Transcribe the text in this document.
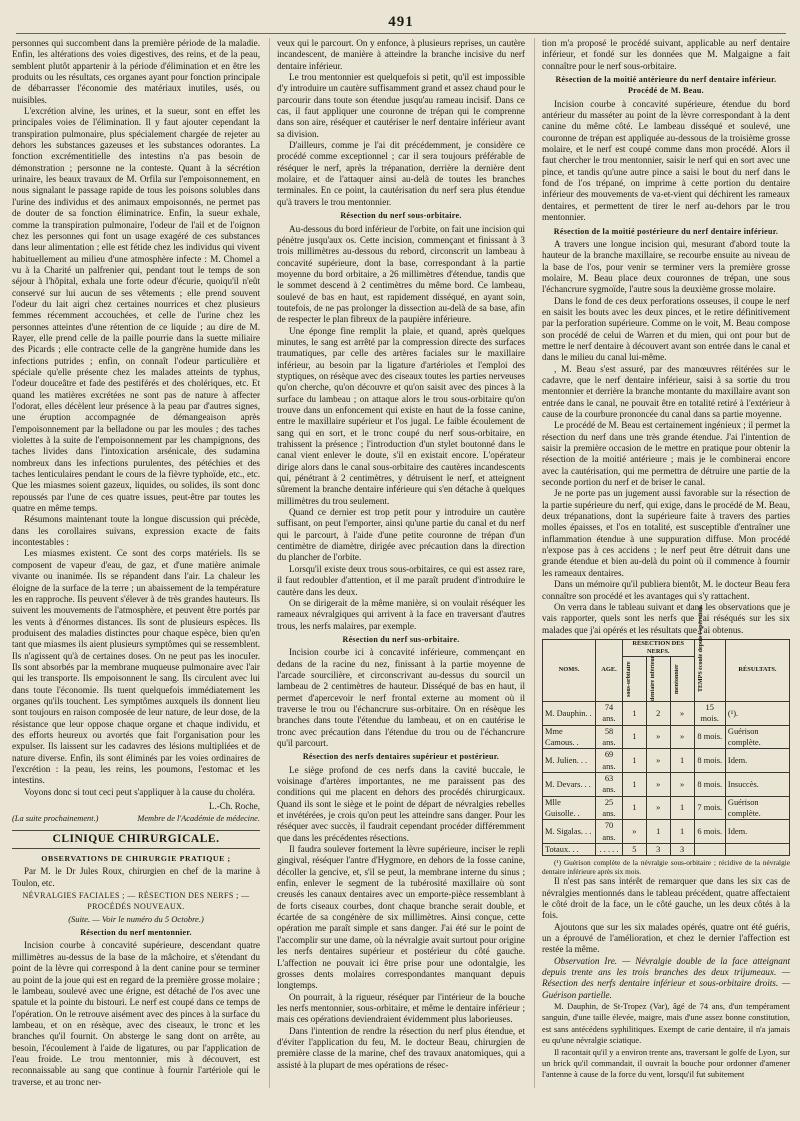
491

personnes qui succombent dans la première période de la maladie. Enfin, les altérations des voies digestives, des reins, et de la peau, semblent plutôt appartenir à la période d'élimination et en être les produits ou les résultats, ces organes ayant pour fonction principale de débarrasser l'économie des matériaux inutiles, usés, ou nuisibles.

L'excrétion alvine, les urines, et la sueur, sont en effet les principales voies de l'élimination. Il y faut ajouter cependant la transpiration pulmonaire, plus spécialement chargée de rejeter au dehors les substances gazeuses et les substances odorantes. La fonction excrémentitielle des intestins n'a pas besoin de démonstration ; personne ne la conteste. Quant à la sécrétion urinaire, les beaux travaux de M. Orfila sur l'empoisonnement, en nous signalant le passage rapide de tous les poisons solubles dans l'urine des individus et des animaux empoisonnés, ne permet pas de douter de sa fonction éliminatrice. Enfin, la sueur exhale, comme la transpiration pulmonaire, l'odeur de l'ail et de l'oignon chez les personnes qui font un usage exagéré de ces substances dans leur alimentation ; elle est fétide chez les individus qui vivent habituellement au milieu d'une atmosphère infecte : M. Chomel a vu à la Charité un palfrenier qui, pendant tout le temps de son séjour à l'hôpital, exhala une forte odeur d'écurie, quoiqu'il n'eût conservé sur lui aucun de ses vêtements ; elle prend souvent l'odeur du lait aigri chez certaines nourrices et chez plusieurs femmes récemment accouchées, et celle de l'urine chez les personnes atteintes d'une rétention de ce liquide ; au dire de M. Rayer, elle prend celle de la paille pourrie dans la suette miliaire des Picards ; elle contracte celle de la gangrène humide dans les infections putrides ; enfin, on connaît l'odeur particulière et spéciale qu'elle présente chez les malades atteints de typhus, l'odeur douceâtre et fade des pestiférés et des cholériques, etc. Et quand les matières excrétées ne sont pas de nature à affecter l'odorat, elles décèlent leur présence à la peau par d'autres signes, une éruption accompagnée de démangeaison après l'empoisonnement par la belladone ou par les moules ; des taches violettes à la suite de l'empoisonnement par les champignons, des taches livides dans l'intoxication arsénicale, des sudamina nombreux dans les infections purulentes, des pétéchies et des taches lenticulaires pendant le cours de la fièvre typhoïde, etc., etc. Que les miasmes soient gazeux, liquides, ou solides, ils sont donc repoussés par l'une de ces quatre issues, peut-être par toutes les quatre en même temps.

Résumons maintenant toute la longue discussion qui précède, dans les corollaires suivans, expression exacte de faits incontestables :

Les miasmes existent. Ce sont des corps matériels. Ils se composent de vapeur d'eau, de gaz, et d'une matière animale vivante ou inanimée. Ils se répandent dans l'air. La chaleur les éloigne de la surface de la terre ; un abaissement de la température les en rapproche. Ils peuvent s'élever à de très grandes hauteurs. Ils suivent les mouvements de l'atmosphère, et peuvent être portés par les vents à d'énormes distances. Ils sont de plusieurs espèces. Ils produisent des maladies distinctes pour chaque espèce, bien qu'en tant que miasmes ils aient plusieurs symptômes qui se ressemblent. Ils n'agissent qu'à de certaines doses. On ne peut pas les inocuIer. Ils sont absorbés par la membrane muqueuse pulmonaire avec l'air qui les transporte. Ils empoisonnent le sang. Ils circulent avec lui dans toute l'économie. Ils tuent quelquefois immédiatement les organes qu'ils touchent. Les symptômes auxquels ils donnent lieu sont toujours en raison composée de leur nature, de leur dose, de la résistance que leur oppose chaque organe et chaque individu, et des efforts heureux ou avortés que fait l'organisation pour les expulser. Ils laissent sur les cadavres des lésions multipliées et de nature diverse. Enfin, ils sont éliminés par les voies ordinaires de l'excrétion : la peau, les reins, les poumons, l'estomac et les intestins.

Voyons donc si tout ceci peut s'appliquer à la cause du choléra.

L.-Ch. Roche,
(La suite prochainement.)	Membre de l'Académie de médecine.
CLINIQUE CHIRURGICALE.
OBSERVATIONS DE CHIRURGIE PRATIQUE ;

Par M. le Dr Jules Roux, chirurgien en chef de la marine à Toulon, etc.

NÉVRALGIES FACIALES ; — RÉSECTION DES NERFS ; — PROCÉDÉS NOUVEAUX.
(Suite. — Voir le numéro du 5 Octobre.)
Résection du nerf mentonnier.

Incision courbe à concavité supérieure, descendant quatre millimètres au-dessus de la base de la mâchoire, et s'étendant du point de la lèvre qui correspond à la dent canine pour se terminer au point de la joue qui est en regard de la première grosse molaire ; le lambeau, soulevé avec une érigne, est détaché de l'os avec une spatule et la pointe du bistouri. Le nerf est coupé dans ce temps de l'opération. On le retrouve aisément avec des pinces à la surface du lambeau, et on en résèque, avec des ciseaux, le tronc et les branches qu'il fournit. On absterge le sang dont on arrête, au besoin, l'écoulement à l'aide de ligatures, ou par l'application de l'eau froide. Le trou mentonnier, mis à découvert, est reconnaissable au sang que continue à fournir l'artériole qui le traverse, et au tronc ner-

veux qui le parcourt. On y enfonce, à plusieurs reprises, un cautère incandescent, de manière à atteindre la branche incisive du nerf dentaire inférieur.

Le trou mentonnier est quelquefois si petit, qu'il est impossible d'y introduire un cautère suffisamment grand et assez chaud pour le parcourir dans toute son étendue jusqu'au rameau incisif. Dans ce cas, il faut appliquer une couronne de trépan qui le comprenne dans son aire, réséquer et cautériser le nerf dentaire inférieur avant sa division.

D'ailleurs, comme je l'ai dit précédemment, je considère ce procédé comme exceptionnel ; car il sera toujours préférable de réséquer le nerf, après la trépanation, derrière la dernière dent molaire, et de l'attaquer ainsi au-delà de toutes les branches terminales. En ce point, la cautérisation du nerf sera plus étendue qu'à travers le trou mentonnier.

Résection du nerf sous-orbitaire.

Au-dessous du bord inférieur de l'orbite, on fait une incision qui pénètre jusqu'aux os. Cette incision, commençant et finissant à 3 trois millimètres au-dessous du rebord, circonscrit un lambeau à concavité supérieure, dont la base, correspondant à la partie moyenne du bord orbitaire, a 26 millimètres d'étendue, tandis que le sommet descend à 2 centimètres du même bord. Ce lambeau, soulevé de bas en haut, est rapidement disséqué, en ayant soin, toutefois, de ne pas prolonger la dissection au-delà de sa base, afin de respecter le plan fibreux de la paupière inférieure.

Une éponge fine remplit la plaie, et quand, après quelques minutes, le sang est arrêté par la compression directe des surfaces traumatiques, par celle des artères faciales sur le maxillaire inférieur, au besoin par la ligature d'artérioles et l'emploi des styptiques, on résèque avec des ciseaux toutes les parties nerveuses qu'on cherche, qu'on découvre et qu'on saisit avec des pinces à la surface du lambeau ; on attaque alors le trou sous-orbitaire qu'on trouve dans un enfoncement qui existe en haut de la fosse canine, entre le maxillaire supérieur et l'os jugal. Le faible écoulement de sang qui en sort, et le tronc coupé du nerf sous-orbitaire, en trahissent la présence ; l'introduction d'un stylet boutonné dans le canal vient enlever le doute, s'il en existait encore. L'opérateur dirige alors dans le canal sous-orbitaire des cautères incandescents qui, pénétrant à 2 centimètres, y détruisent le nerf, et atteignent sûrement la branche dentaire inférieure qui s'en détache à quelques millimètres du trou seulement.

Quand ce dernier est trop petit pour y introduire un cautère suffisant, on peut l'emporter, ainsi qu'une partie du canal et du nerf qui le parcourt, à l'aide d'une petite couronne de trépan d'un centimètre de diamètre, dirigée avec précaution dans la direction du plancher de l'orbite.

Lorsqu'il existe deux trous sous-orbitaires, ce qui est assez rare, il faut redoubler d'attention, et il me paraît prudent d'introduire le cautère dans les deux.

On se dirigerait de la même manière, si on voulait réséquer les rameaux névralgiques qui arrivent à la face en traversant d'autres trous, les nerfs malaires, par exemple.

Résection du nerf sus-orbitaire.

Incision courbe ici à concavité inférieure, commençant en dedans de la racine du nez, finissant à la partie moyenne de l'arcade sourcilière, et circonscrivant au-dessus du sourcil un lambeau de 2 centimètres de hauteur. Disséqué de bas en haut, il permet d'apercevoir le nerf frontal externe au moment où il traverse le trou ou l'échancrure sus-orbitaire. On en résèque les branches dans toute l'étendue du lambeau, et on en cautérise le tronc avec précaution dans l'étendue du trou ou de l'échancrure qu'il parcourt.

Résection des nerfs dentaires supérieur et postérieur.

Le siège profond de ces nerfs dans la cavité buccale, le voisinage d'artères importantes, ne me paraissent pas des conditions qui me placent en dehors des procédés chirurgicaux. Quand ils sont le siège et le point de départ de névralgies rebelles et invétérées, je crois qu'on peut les atteindre sans danger. Pour les réséquer avec succès, il faudrait cependant procéder différemment que dans les précédentes résections.

Il faudra soulever fortement la lèvre supérieure, inciser le repli gingival, réséquer l'antre d'Hygmore, en dehors de la fosse canine, décoller la gencive, et, s'il se peut, la membrane interne du sinus ; enfin, enlever le segment de la tubérosité maxillaire où sont creusés les canaux dentaires avec un emporte-pièce ressemblant à de forts ciseaux courbes, dont chaque branche serait double, et écartée de sa congénère de six millimètres. Ainsi conçue, cette opération me paraît simple et sans danger. J'ai été sur le point de l'accomplir sur une dame, où la névralgie avait surtout pour origine les nerfs dentaires supérieur et postérieur du côté gauche. L'affection ne pouvait ici être prise pour une odontalgie, les grosses dents molaires correspondantes manquant depuis longtemps.

On pourrait, à la rigueur, réséquer par l'intérieur de la bouche les nerfs mentonnier, sous-orbitaire, et même le dentaire inférieur ; mais ces opérations deviendraient évidemment plus laborieuses.

Dans l'intention de rendre la résection du nerf plus étendue, et d'éviter l'application du feu, M. le docteur Beau, chirurgien de première classe de la marine, chef des travaux anatomiques, qui a assisté à la plupart de mes opérations de résec-

tion m'a proposé le procédé suivant, applicable au nerf dentaire inférieur, et fondé sur les données que M. Malgaigne a fait connaître pour le nerf sous-orbitaire.

Résection de la moitié antérieure du nerf dentaire inférieur. Procédé de M. Beau.

Incision courbe à concavité supérieure, étendue du bord antérieur du masséter au point de la lèvre correspondant à la dent canine du même côté. Le lambeau disséqué et soulevé, une couronne de trépan est appliquée au-dessous de la troisième grosse molaire, et le nerf est coupé comme dans mon procédé. Alors il faut chercher le trou mentonnier, saisir le nerf qui en sort avec une pince, et tandis qu'une autre pince a saisi le bout du nerf dans le fond de l'os trépané, on imprime à cette portion du dentaire inférieur des mouvements de va-et-vient qui déchirent les rameaux dentaires, et permettent de tirer le nerf au-dehors par le trou mentonnier.

Résection de la moitié postérieure du nerf dentaire inférieur.

A travers une longue incision qui, mesurant d'abord toute la hauteur de la branche maxillaire, se recourbe ensuite au niveau de la base de l'os, pour venir se terminer vers la première grosse molaire, M. Beau place deux couronnes de trépan, une sous l'échancrure sygmoïde, l'autre sous la deuxième grosse molaire.

Dans le fond de ces deux perforations osseuses, il coupe le nerf en saisit les bouts avec les deux pinces, et le retire définitivement par la perforation supérieure. Comme on le voit, M. Beau compose son procédé de celui de Warren et du mien, qui ont pour but de mettre le nerf dentaire à découvert avant son entrée dans le canal et dans le milieu du canal lui-même.

, M. Beau s'est assuré, par des manœuvres réitérées sur le cadavre, que le nerf dentaire inférieur, saisi à sa sortie du trou mentonnier et derrière la branche montante du maxillaire avant son entrée dans le canal, ne pouvait être en totalité retiré à l'extérieur à cause de la courbure prononcée du canal dans sa partie moyenne.

Le procédé de M. Beau est certainement ingénieux ; il permet la résection du nerf dans une très grande étendue. J'ai l'intention de saisir la première occasion de le mettre en pratique pour obtenir la résection de la moitié antérieure ; mais je le combinerai encore avec la cautérisation, qui me permettra de détruire une partie de la seconde portion du nerf et de briser le canal.

Je ne porte pas un jugement aussi favorable sur la résection de la partie supérieure du nerf, qui exige, dans le procédé de M. Beau, deux trépanations, dont la supérieure faite à travers des parties molles épaisses, et l'os en totalité, est susceptible d'entraîner une inflammation étendue à une suppuration diffuse. Mon procédé n'expose pas à ces accidens ; le nerf peut être détruit dans une grande étendue et bien au-delà du point où il commence à fournir les rameaux dentaires.

Dans un mémoire qu'il publiera bientôt, M. le docteur Beau fera connaître son procédé et les avantages qui s'y rattachent.

On verra dans le tableau suivant et dans les observations que je vais rapporter, quels sont les nerfs que j'ai réséqués sur les six malades que j'ai opérés et les résultats que j'ai obtenus.

NOMS.	AGE.	RÉSECTION DES NERFS.			TEMPS écoulé depuis l'opération.	RÉSULTATS.

		sous-orbitaire	dentaire inférieur	mentonnier		

M. Dauphin. .	74 ans.	1	2	»	15 mois.	(¹).
Mme Camous. .	58 ans.	1	»	»	8 mois.	Guérison complète.
M. Julien. . .	69 ans.	1	»	1	8 mois.	Idem.
M. Devars. . .	63 ans.	1	»	»	8 mois.	Insuccès.
Mlle Guisolle. .	25 ans.	1	»	1	7 mois.	Guérison complète.
M. Sigalas. . .	70 ans.	»	1	1	6 mois.	Idem.
Totaux. . .	. . . . .	5	3	3		

(¹) Guérison complète de la névralgie sous-orbitaire ; récidive de la névralgie dentaire inférieure après six mois.

Il n'est pas sans intérêt de remarquer que dans les six cas de névralgies mentionnés dans le tableau précédent, quatre affectaient le côté droit de la face, un le côté gauche, un les deux côtés à la fois.

Ajoutons que sur les six malades opérés, quatre ont été guéris, un a éprouvé de l'amélioration, et chez le dernier l'affection est restée la même.

Observation Ire. — Névralgie double de la face atteignant depuis trente ans les trois branches des deux trijumeaux. — Résection des nerfs dentaire inférieur et sous-orbitaire droits. — Guérison partielle.

M. Dauphin, de St-Tropez (Var), âgé de 74 ans, d'un tempérament sanguin, d'une taille élevée, maigre, mais d'une assez bonne constitution, est sans antécédens syphilitiques. Exempt de carie dentaire, il n'a jamais eu qu'une névralgie sciatique.

Il racontait qu'il y a environ trente ans, traversant le golfe de Lyon, sur un brick qu'il commandait, il ouvrait la bouche pour ordonner d'amener l'antenne à cause de la force du vent, lorsqu'il fut subitement
